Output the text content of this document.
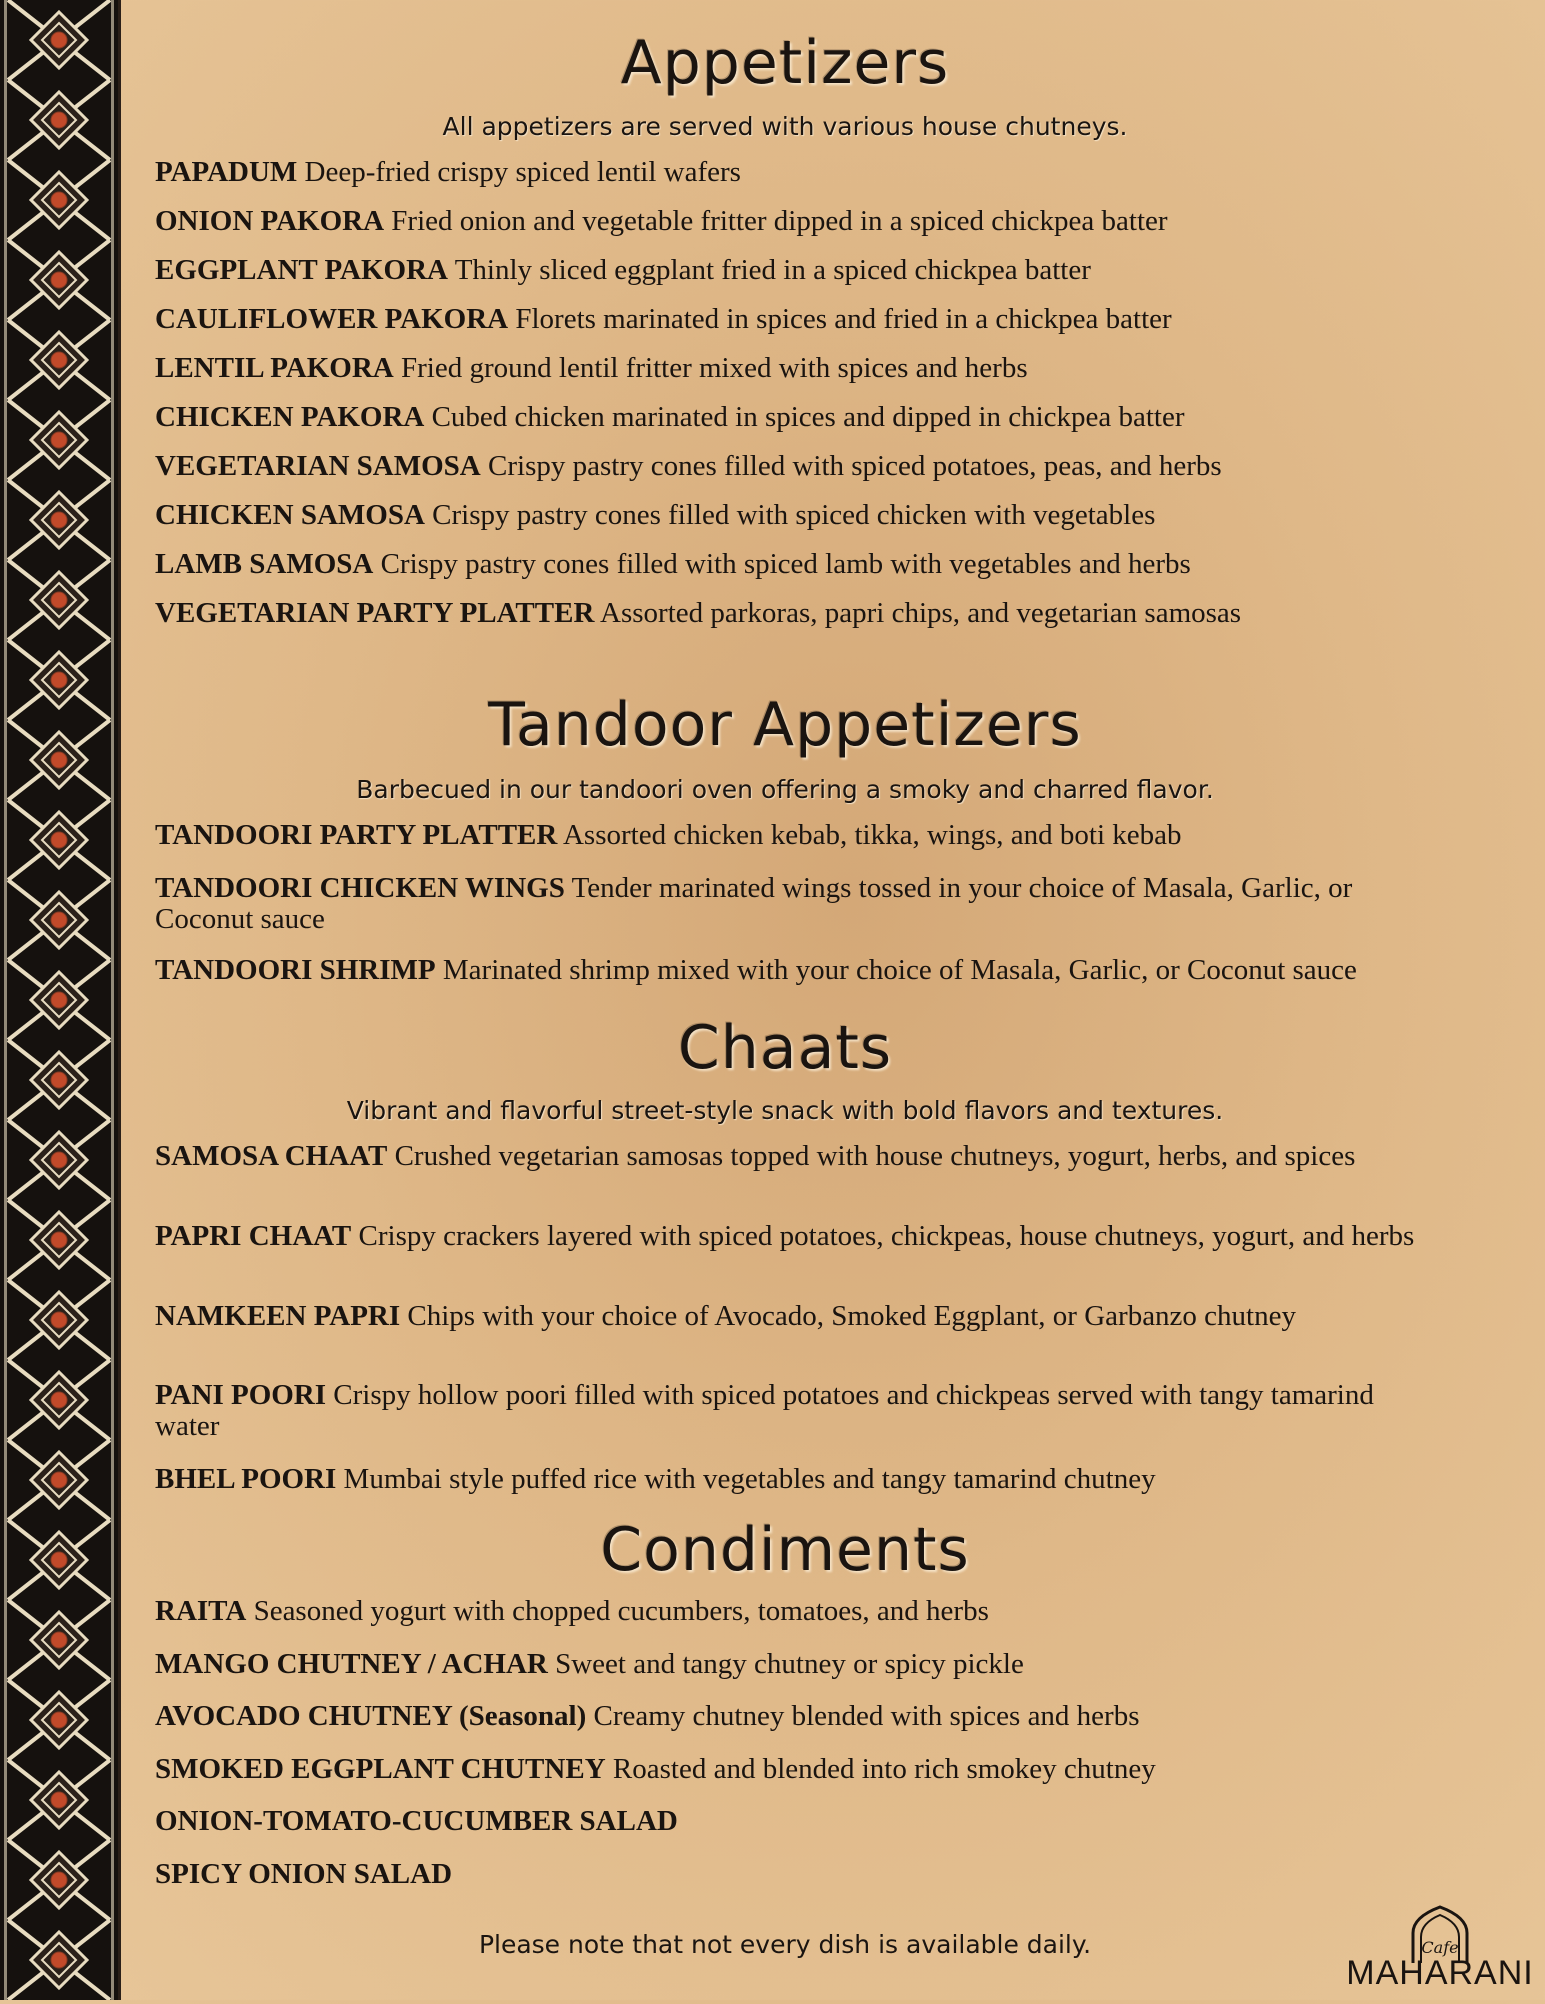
Appetizers
All appetizers are served with various house chutneys.
PAPADUM Deep-fried crispy spiced lentil wafers
ONION PAKORA Fried onion and vegetable fritter dipped in a spiced chickpea batter
EGGPLANT PAKORA Thinly sliced eggplant fried in a spiced chickpea batter
CAULIFLOWER PAKORA Florets marinated in spices and fried in a chickpea batter
LENTIL PAKORA Fried ground lentil fritter mixed with spices and herbs
CHICKEN PAKORA Cubed chicken marinated in spices and dipped in chickpea batter
VEGETARIAN SAMOSA Crispy pastry cones filled with spiced potatoes, peas, and herbs
CHICKEN SAMOSA Crispy pastry cones filled with spiced chicken with vegetables
LAMB SAMOSA Crispy pastry cones filled with spiced lamb with vegetables and herbs
VEGETARIAN PARTY PLATTER Assorted parkoras, papri chips, and vegetarian samosas
Tandoor Appetizers
Barbecued in our tandoori oven offering a smoky and charred flavor.
TANDOORI PARTY PLATTER Assorted chicken kebab, tikka, wings, and boti kebab
TANDOORI CHICKEN WINGS Tender marinated wings tossed in your choice of Masala, Garlic, or Coconut sauce
TANDOORI SHRIMP Marinated shrimp mixed with your choice of Masala, Garlic, or Coconut sauce
Chaats
Vibrant and flavorful street-style snack with bold flavors and textures.
SAMOSA CHAAT Crushed vegetarian samosas topped with house chutneys, yogurt, herbs, and spices
PAPRI CHAAT Crispy crackers layered with spiced potatoes, chickpeas, house chutneys, yogurt, and herbs
NAMKEEN PAPRI Chips with your choice of Avocado, Smoked Eggplant, or Garbanzo chutney
PANI POORI Crispy hollow poori filled with spiced potatoes and chickpeas served with tangy tamarind water
BHEL POORI Mumbai style puffed rice with vegetables and tangy tamarind chutney
Condiments
RAITA Seasoned yogurt with chopped cucumbers, tomatoes, and herbs
MANGO CHUTNEY / ACHAR Sweet and tangy chutney or spicy pickle
AVOCADO CHUTNEY (Seasonal) Creamy chutney blended with spices and herbs
SMOKED EGGPLANT CHUTNEY Roasted and blended into rich smokey chutney
ONION-TOMATO-CUCUMBER SALAD
SPICY ONION SALAD
Please note that not every dish is available daily.	Cafe
MAHARANI
